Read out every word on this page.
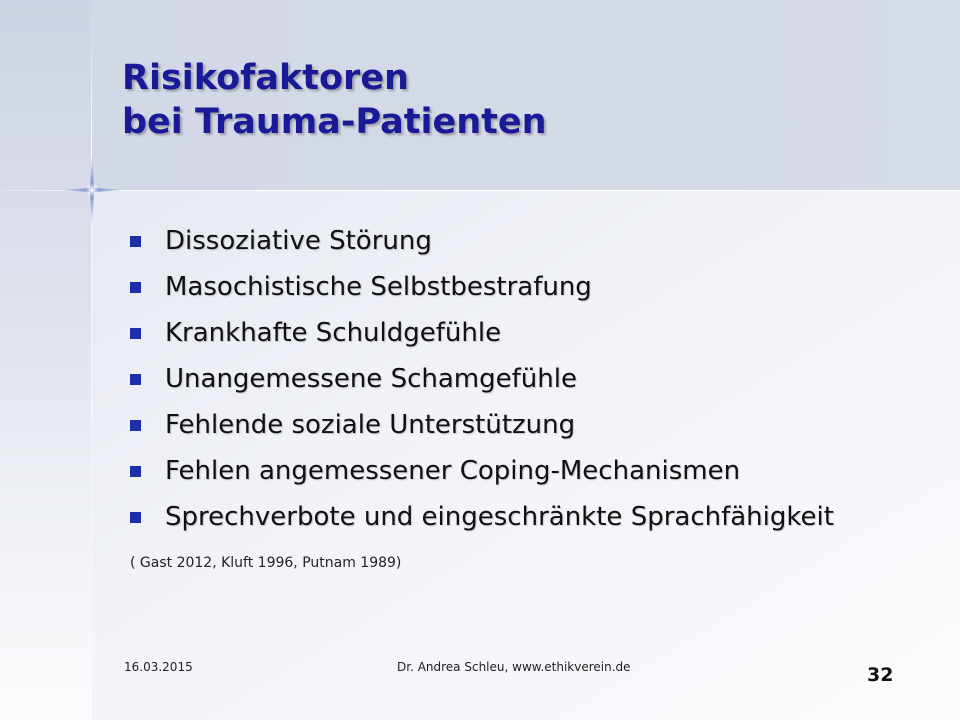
Risikofaktoren
bei Trauma-Patienten
Dissoziative Störung
Masochistische Selbstbestrafung
Krankhafte Schuldgefühle
Unangemessene Schamgefühle
Fehlende soziale Unterstützung
Fehlen angemessener Coping-Mechanismen
Sprechverbote und eingeschränkte Sprachfähigkeit
( Gast 2012, Kluft 1996, Putnam 1989)
16.03.2015	Dr. Andrea Schleu, www.ethikverein.de	32
